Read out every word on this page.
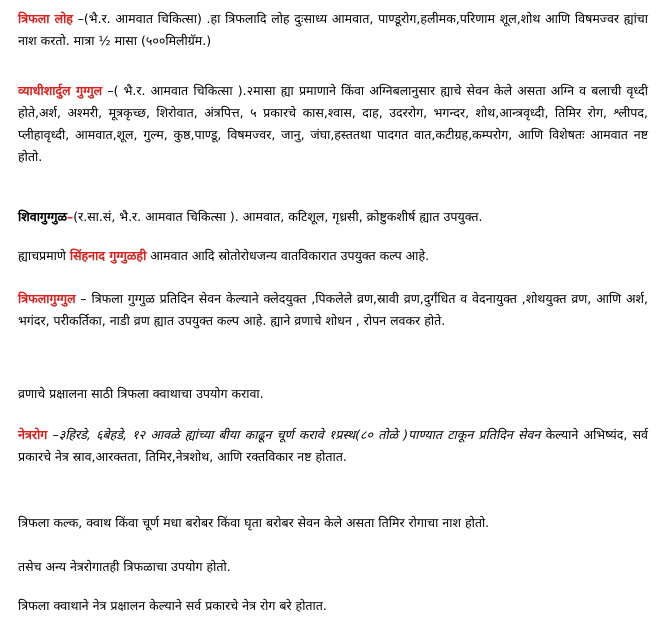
त्रिफला लोह –(भै.र. आमवात चिकित्सा) .हा त्रिफलादि लोह दुःसाध्य आमवात, पाण्डूरोग,हलीमक,परिणाम शूल,शोथ आणि विषमज्वर ह्यांचा नाश करतो. मात्रा ½ मासा (५००मिलीग्रॅम.)

व्याधीशार्दुल गुग्गुल –( भै.र. आमवात चिकित्सा ).२मासा ह्या प्रमाणाने किंवा अग्निबलानुसार ह्याचे सेवन केले असता अग्नि व बलाची वृध्दी होते,अर्श, अश्मरी, मूत्रकृच्छ, शिरोवात, अंत्रपित्त, ५ प्रकारचे कास,श्वास, दाह, उदररोग, भगन्दर, शोथ,आन्त्रवृध्दी, तिमिर रोग, श्लीपद, प्लीहावृध्दी, आमवात,शूल, गुल्म, कुष्ठ,पाण्डू, विषमज्वर, जानु, जंघा,हस्ततथा पादगत वात,कटीग्रह,कम्परोग, आणि विशेषतः आमवात नष्ट होतो.

शिवागुग्गुळ–(र.सा.सं, भै.र. आमवात चिकित्सा ). आमवात, कटिशूल, गृध्रसी, क्रोष्टुकशीर्ष ह्यात उपयुक्त.

ह्याचप्रमाणे सिंहनाद गुग्गुळही आमवात आदि स्रोतोरोधजन्य वातविकारात उपयुक्त कल्प आहे.

त्रिफलागुग्गुल – त्रिफला गुग्गुळ प्रतिदिन सेवन केल्याने क्लेदयुक्त ,पिकलेले व्रण,स्रावी व्रण,दुर्गंधित व वेदनायुक्त ,शोथयुक्त व्रण, आणि अर्श, भगंदर, परीकर्तिका, नाडी व्रण ह्यात उपयुक्त कल्प आहे. ह्याने व्रणाचे शोधन , रोपन लवकर होते.

व्रणाचे प्रक्षालना साठी त्रिफला क्वाथाचा उपयोग करावा.

नेत्ररोग –३हिरडे, ६बेहडे, १२ आवळे ह्यांच्या बीया काढून चूर्ण करावे १प्रस्थ(८० तोळे )पाण्यात टाकून प्रतिदिन सेवन केल्याने अभिष्यंद, सर्व प्रकारचे नेत्र स्राव,आरक्तता, तिमिर,नेत्रशोथ, आणि रक्तविकार नष्ट होतात.

त्रिफला कल्क, क्वाथ किंवा चूर्ण मधा बरोबर किंवा घृता बरोबर सेवन केले असता तिमिर रोगाचा नाश होतो.

तसेच अन्य नेत्ररोगातही त्रिफळाचा उपयोग होतो.

त्रिफला क्वाथाने नेत्र प्रक्षालन केल्याने सर्व प्रकारचे नेत्र रोग बरे होतात.
